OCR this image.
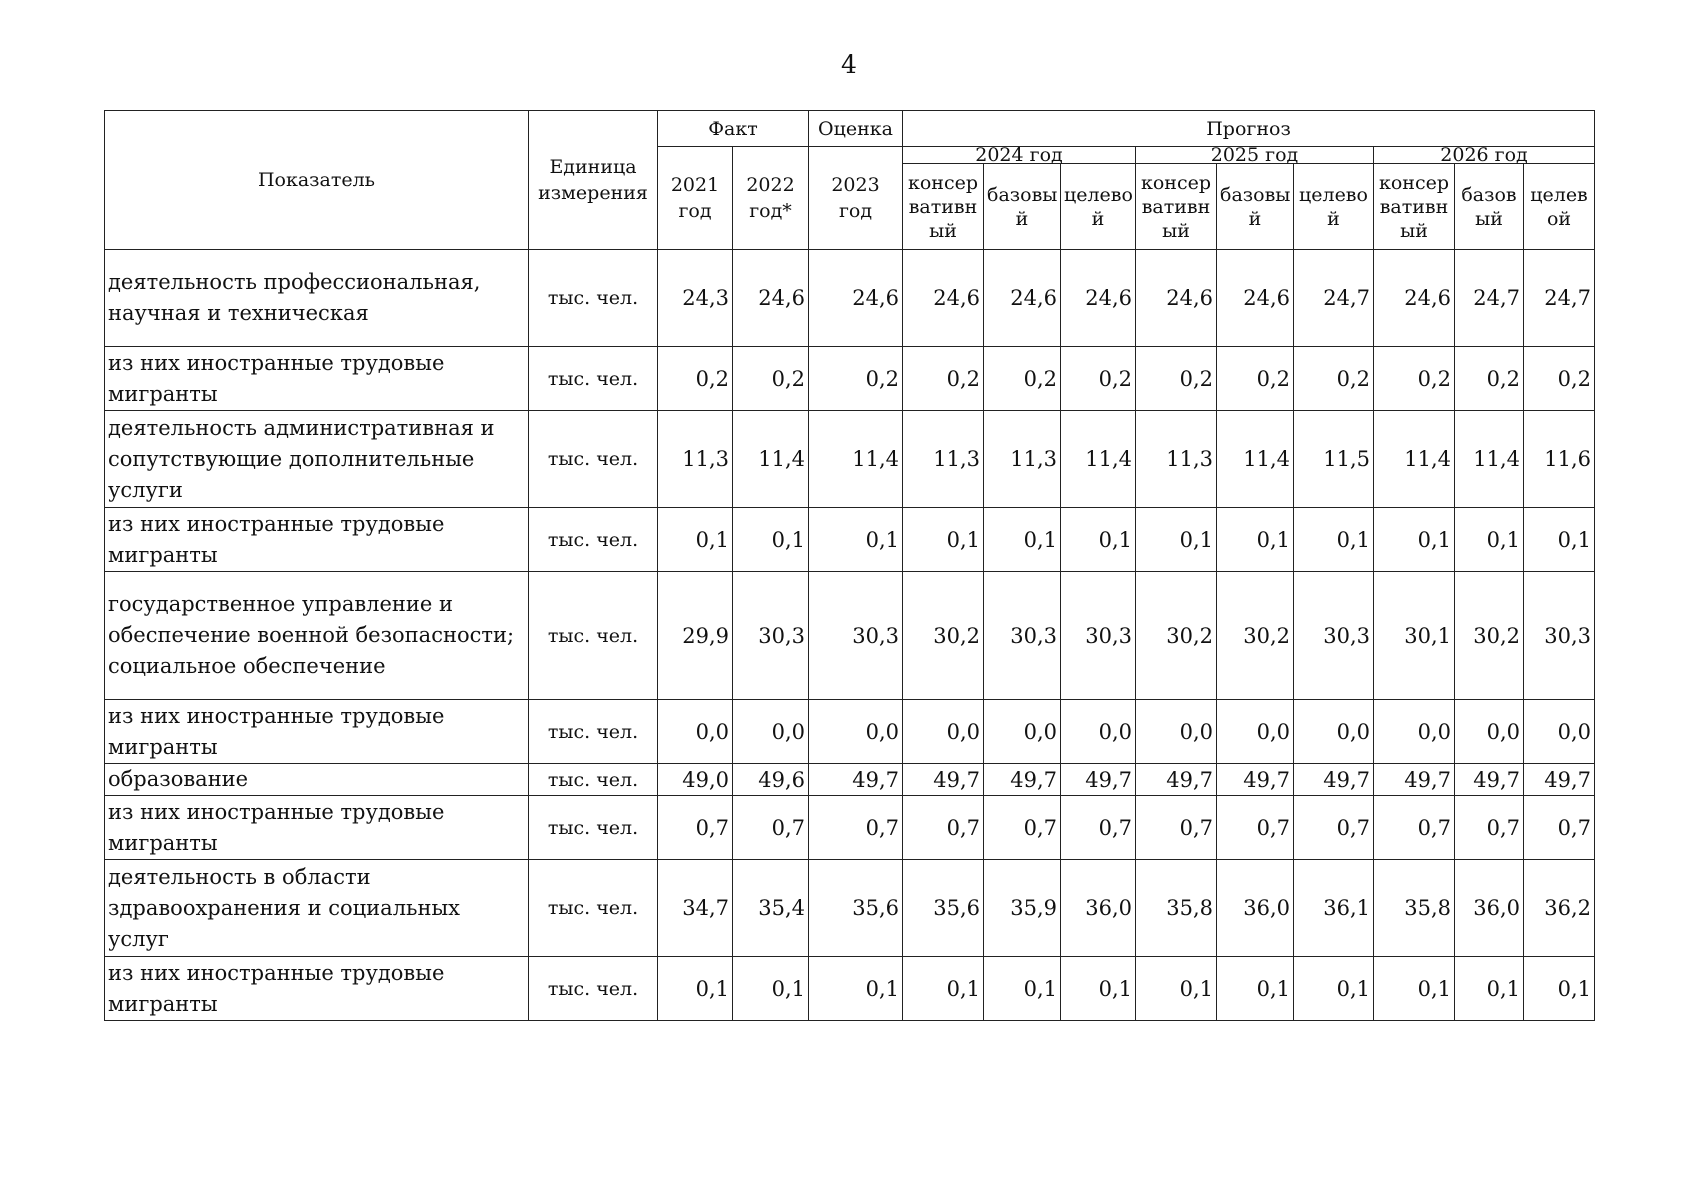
4
Показатель	Единица измерения	Факт		Оценка	Прогноз								
		2021 год	2022 год*	2023 год	2024 год			2025 год			2026 год		
					консер вативн ый	базовы й	целево й	консер вативн ый	базовы й	целево й	консер вативн ый	базов ый	целев ой

деятельность профессиональная, научная и техническая	тыс. чел.	24,3	24,6	24,6	24,6	24,6	24,6	24,6	24,6	24,7	24,6	24,7	24,7
из них иностранные трудовые мигранты	тыс. чел.	0,2	0,2	0,2	0,2	0,2	0,2	0,2	0,2	0,2	0,2	0,2	0,2
деятельность административная и сопутствующие дополнительные услуги	тыс. чел.	11,3	11,4	11,4	11,3	11,3	11,4	11,3	11,4	11,5	11,4	11,4	11,6
из них иностранные трудовые мигранты	тыс. чел.	0,1	0,1	0,1	0,1	0,1	0,1	0,1	0,1	0,1	0,1	0,1	0,1
государственное управление и обеспечение военной безопасности; социальное обеспечение	тыс. чел.	29,9	30,3	30,3	30,2	30,3	30,3	30,2	30,2	30,3	30,1	30,2	30,3
из них иностранные трудовые мигранты	тыс. чел.	0,0	0,0	0,0	0,0	0,0	0,0	0,0	0,0	0,0	0,0	0,0	0,0
образование	тыс. чел.	49,0	49,6	49,7	49,7	49,7	49,7	49,7	49,7	49,7	49,7	49,7	49,7
из них иностранные трудовые мигранты	тыс. чел.	0,7	0,7	0,7	0,7	0,7	0,7	0,7	0,7	0,7	0,7	0,7	0,7
деятельность в области здравоохранения и социальных услуг	тыс. чел.	34,7	35,4	35,6	35,6	35,9	36,0	35,8	36,0	36,1	35,8	36,0	36,2
из них иностранные трудовые мигранты	тыс. чел.	0,1	0,1	0,1	0,1	0,1	0,1	0,1	0,1	0,1	0,1	0,1	0,1
